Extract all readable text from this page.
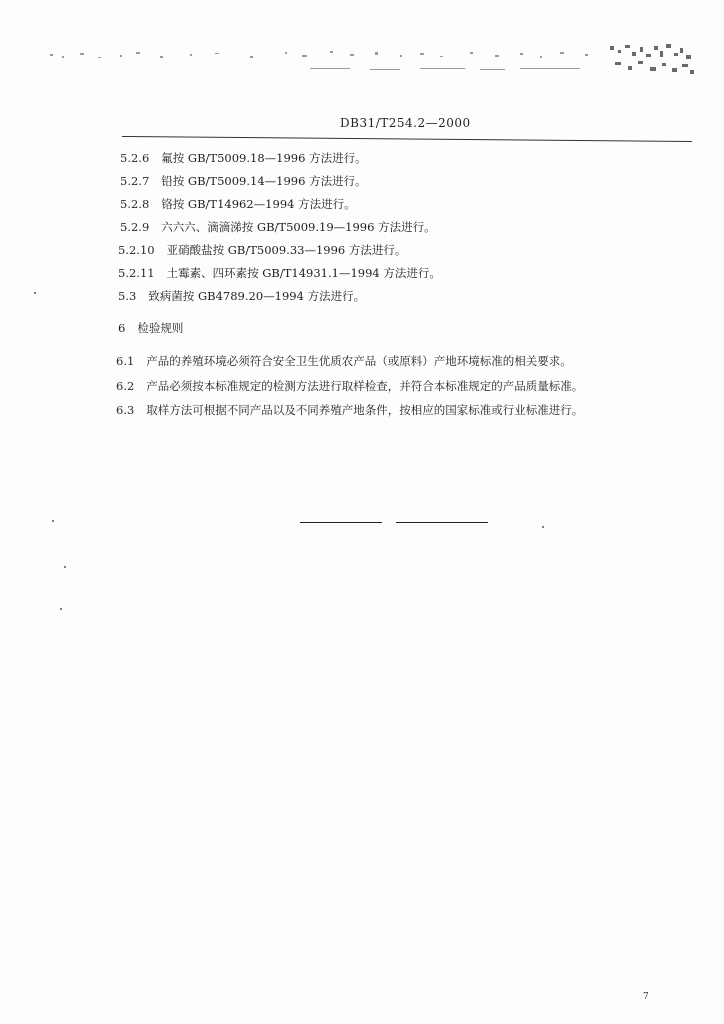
DB31/T254.2—2000
5.2.6 氟按 GB/T5009.18—1996 方法进行。
5.2.7 铅按 GB/T5009.14—1996 方法进行。
5.2.8 铬按 GB/T14962—1994 方法进行。
5.2.9 六六六、滴滴涕按 GB/T5009.19—1996 方法进行。
5.2.10 亚硝酸盐按 GB/T5009.33—1996 方法进行。
5.2.11 土霉素、四环素按 GB/T14931.1—1994 方法进行。
5.3 致病菌按 GB4789.20—1994 方法进行。
6 检验规则
6.1 产品的养殖环境必须符合安全卫生优质农产品（或原料）产地环境标准的相关要求。
6.2 产品必须按本标准规定的检测方法进行取样检查，并符合本标准规定的产品质量标准。
6.3 取样方法可根据不同产品以及不同养殖产地条件，按相应的国家标准或行业标准进行。
7
